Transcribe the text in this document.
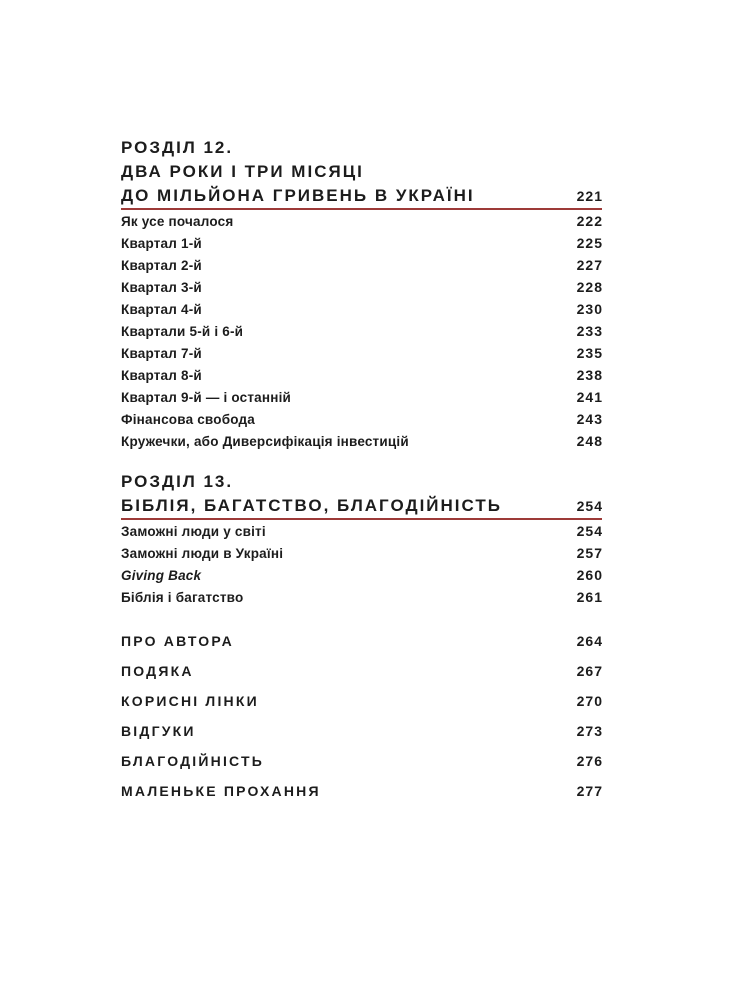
РОЗДІЛ 12.
ДВА РОКИ І ТРИ МІСЯЦІ
ДО МІЛЬЙОНА ГРИВЕНЬ В УКРАЇНІ	221
Як усе почалося	222
Квартал 1-й	225
Квартал 2-й	227
Квартал 3-й	228
Квартал 4-й	230
Квартали 5-й і 6-й	233
Квартал 7-й	235
Квартал 8-й	238
Квартал 9-й — і останній	241
Фінансова свобода	243
Кружечки, або Диверсифікація інвестицій	248
РОЗДІЛ 13.
БІБЛІЯ, БАГАТСТВО, БЛАГОДІЙНІСТЬ	254
Заможні люди у світі	254
Заможні люди в Україні	257
Giving Back	260
Біблія і багатство	261
ПРО АВТОРА	264
ПОДЯКА	267
КОРИСНІ ЛІНКИ	270
ВІДГУКИ	273
БЛАГОДІЙНІСТЬ	276
МАЛЕНЬКЕ ПРОХАННЯ	277
